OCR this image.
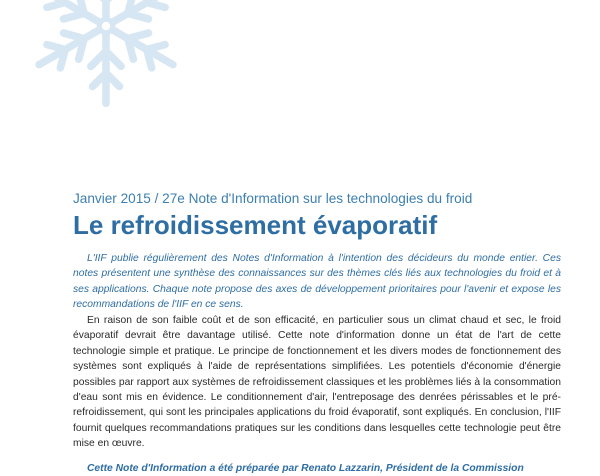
Janvier 2015 / 27e Note d'Information sur les technologies du froid
Le refroidissement évaporatif

L'IIF publie régulièrement des Notes d'Information à l'intention des décideurs du monde entier. Ces notes présentent une synthèse des connaissances sur des thèmes clés liés aux technologies du froid et à ses applications. Chaque note propose des axes de développement prioritaires pour l'avenir et expose les recommandations de l'IIF en ce sens.

En raison de son faible coût et de son efficacité, en particulier sous un climat chaud et sec, le froid évaporatif devrait être davantage utilisé. Cette note d'information donne un état de l'art de cette technologie simple et pratique. Le principe de fonctionnement et les divers modes de fonctionnement des systèmes sont expliqués à l'aide de représentations simplifiées. Les potentiels d'économie d'énergie possibles par rapport aux systèmes de refroidissement classiques et les problèmes liés à la consommation d'eau sont mis en évidence. Le conditionnement d'air, l'entreposage des denrées périssables et le pré-refroidissement, qui sont les principales applications du froid évaporatif, sont expliqués. En conclusion, l'IIF fournit quelques recommandations pratiques sur les conditions dans lesquelles cette technologie peut être mise en œuvre.

Cette Note d'Information a été préparée par Renato Lazzarin, Président de la Commission
